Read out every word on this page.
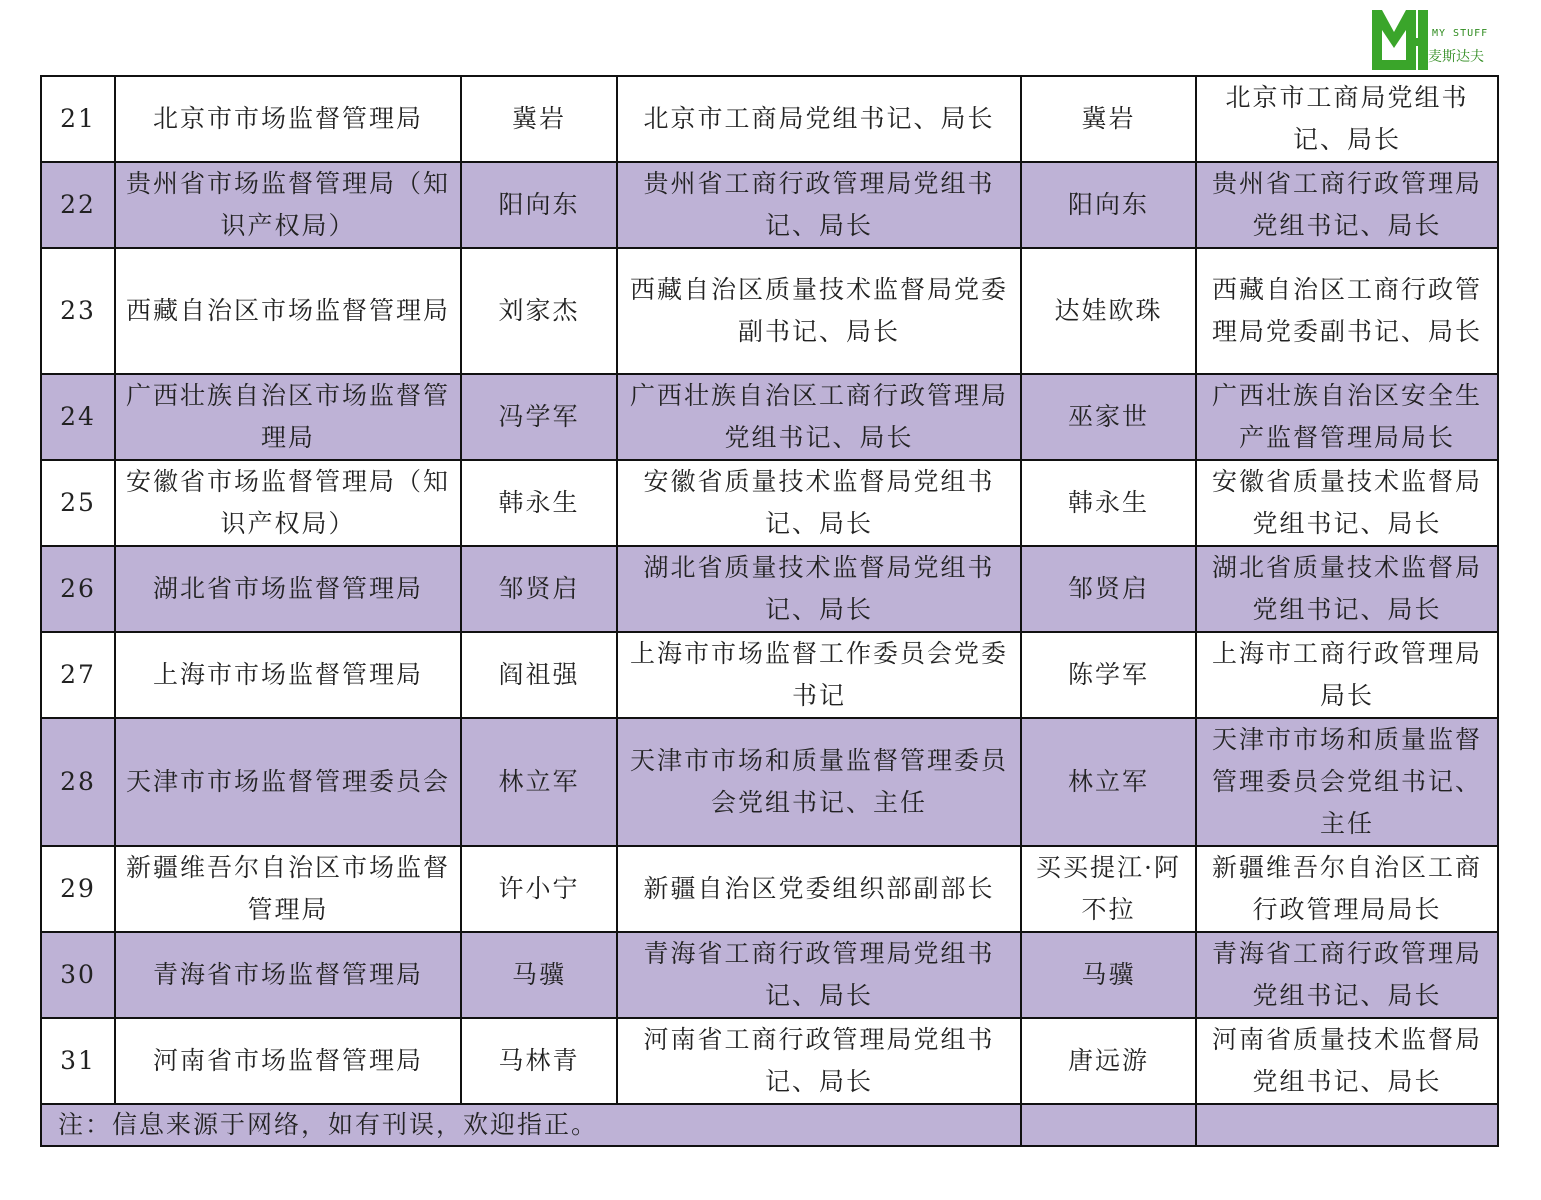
MY STUFF
麦斯达夫
21	北京市市场监督管理局	冀岩	北京市工商局党组书记、局长	冀岩	北京市工商局党组书记、局长
22	贵州省市场监督管理局（知识产权局）	阳向东	贵州省工商行政管理局党组书记、局长	阳向东	贵州省工商行政管理局党组书记、局长
23	西藏自治区市场监督管理局	刘家杰	西藏自治区质量技术监督局党委副书记、局长	达娃欧珠	西藏自治区工商行政管理局党委副书记、局长
24	广西壮族自治区市场监督管理局	冯学军	广西壮族自治区工商行政管理局党组书记、局长	巫家世	广西壮族自治区安全生产监督管理局局长
25	安徽省市场监督管理局（知识产权局）	韩永生	安徽省质量技术监督局党组书记、局长	韩永生	安徽省质量技术监督局党组书记、局长
26	湖北省市场监督管理局	邹贤启	湖北省质量技术监督局党组书记、局长	邹贤启	湖北省质量技术监督局党组书记、局长
27	上海市市场监督管理局	阎祖强	上海市市场监督工作委员会党委书记	陈学军	上海市工商行政管理局局长
28	天津市市场监督管理委员会	林立军	天津市市场和质量监督管理委员会党组书记、主任	林立军	天津市市场和质量监督管理委员会党组书记、主任
29	新疆维吾尔自治区市场监督管理局	许小宁	新疆自治区党委组织部副部长	买买提江·阿不拉	新疆维吾尔自治区工商行政管理局局长
30	青海省市场监督管理局	马骥	青海省工商行政管理局党组书记、局长	马骥	青海省工商行政管理局党组书记、局长
31	河南省市场监督管理局	马林青	河南省工商行政管理局党组书记、局长	唐远游	河南省质量技术监督局党组书记、局长
注：信息来源于网络，如有刊误，欢迎指正。					
